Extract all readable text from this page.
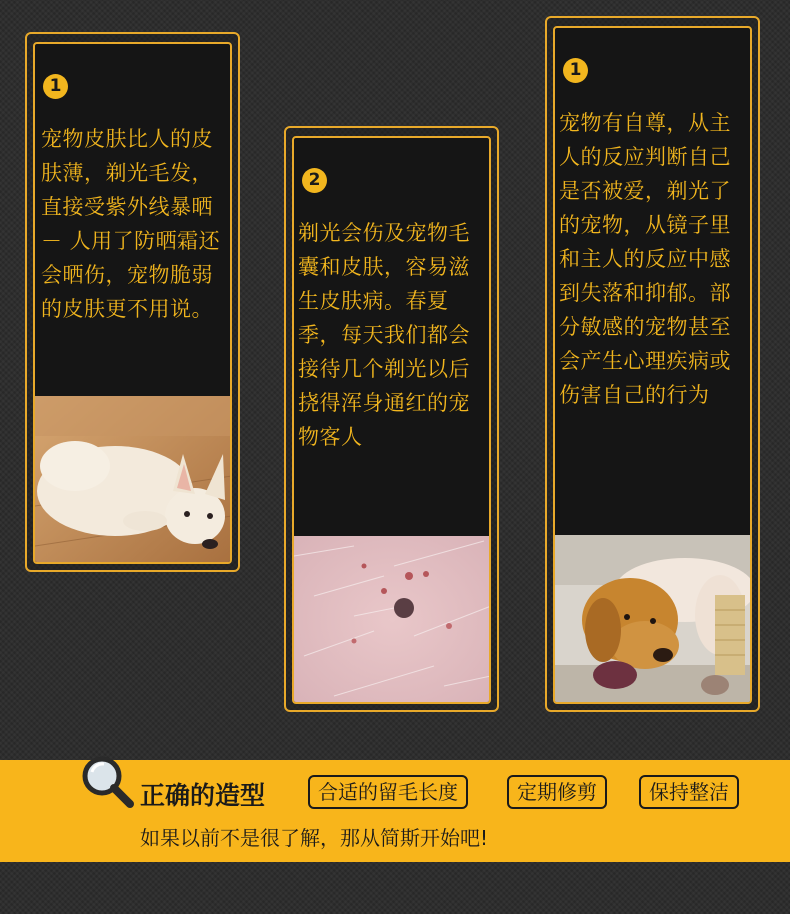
1
宠物皮肤比人的皮肤薄，剃光毛发，直接受紫外线暴晒 － 人用了防晒霜还会晒伤，宠物脆弱的皮肤更不用说。
2
剃光会伤及宠物毛囊和皮肤，容易滋生皮肤病。春夏季，每天我们都会接待几个剃光以后挠得浑身通红的宠物客人
1
宠物有自尊，从主人的反应判断自己是否被爱，剃光了的宠物，从镜子里和主人的反应中感到失落和抑郁。部分敏感的宠物甚至会产生心理疾病或伤害自己的行为
正确的造型	合适的留毛长度	定期修剪	保持整洁
如果以前不是很了解，那从简斯开始吧!
